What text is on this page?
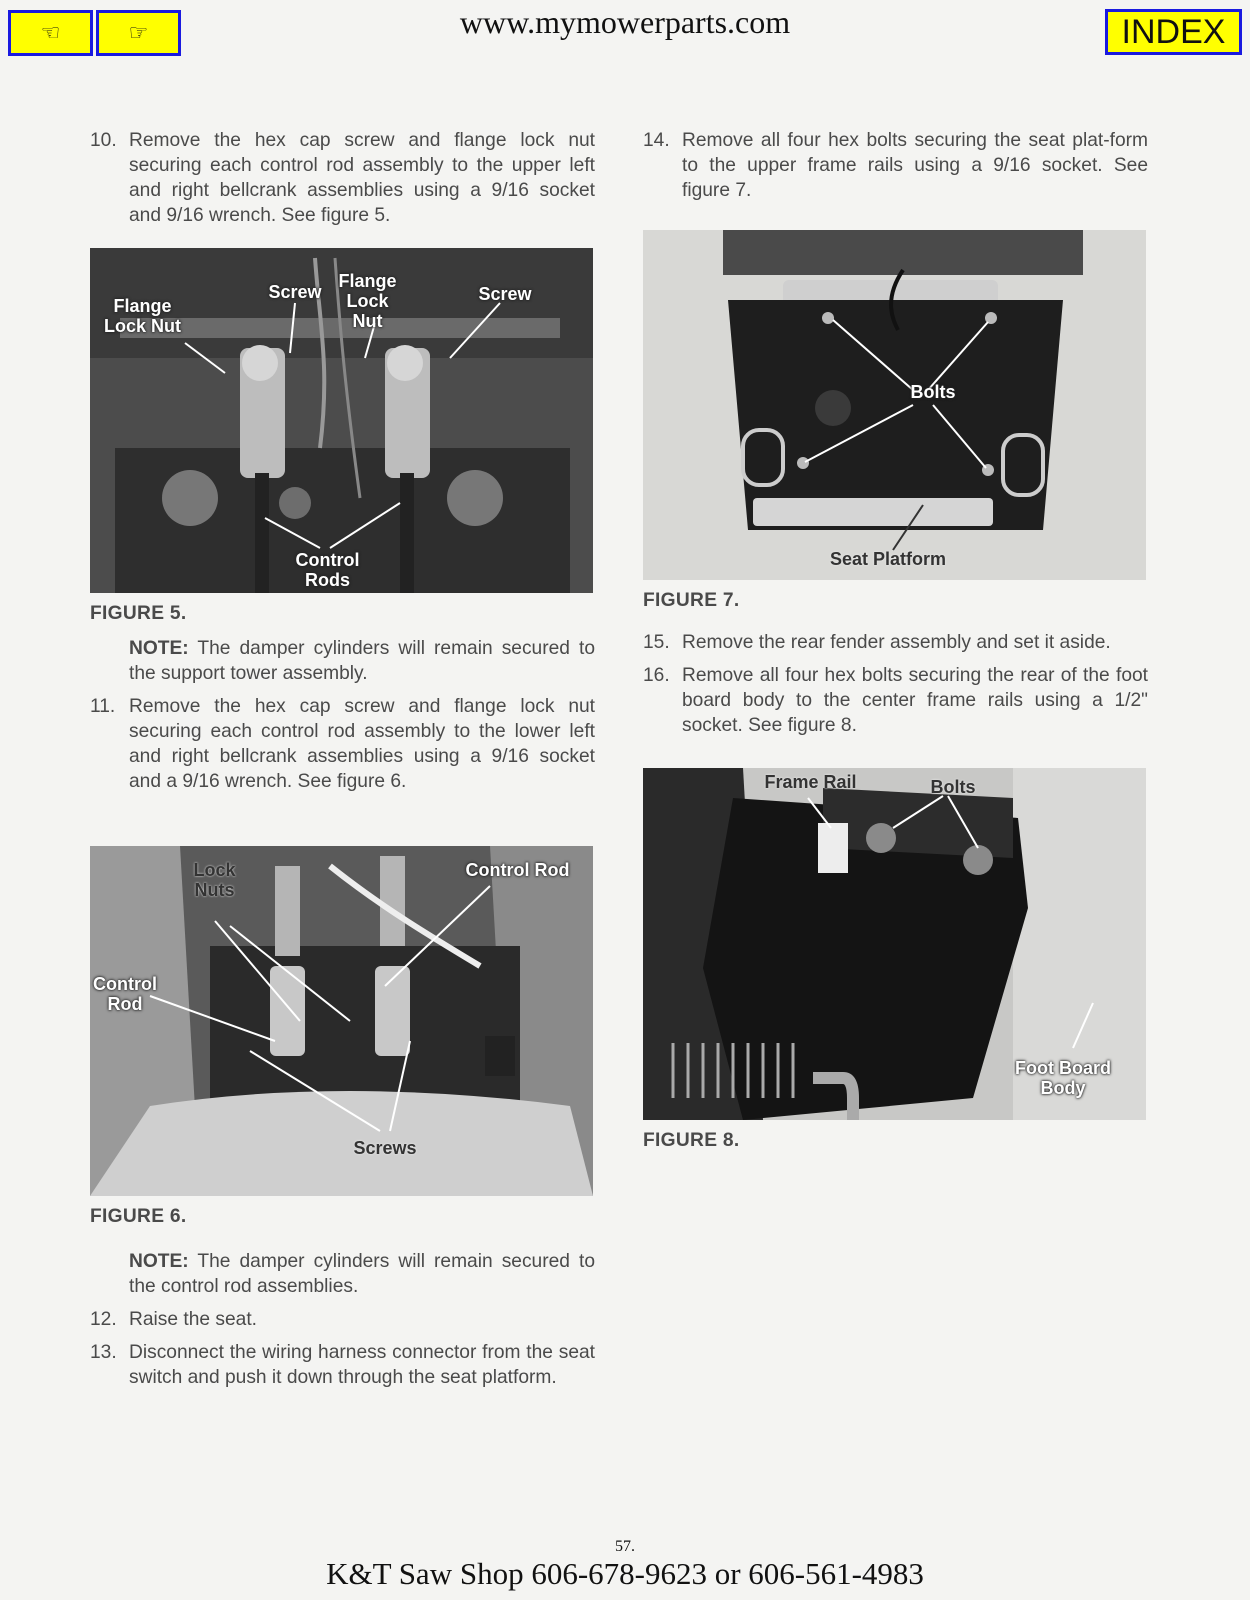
☜	☞	www.mymowerparts.com	INDEX
10. Remove the hex cap screw and flange lock nut securing each control rod assembly to the upper left and right bellcrank assemblies using a 9/16 socket and 9/16 wrench. See figure 5.
Flange Lock Nut
Screw
Flange Lock Nut
Screw
Control Rods
FIGURE 5.
NOTE: The damper cylinders will remain secured to the support tower assembly.
11. Remove the hex cap screw and flange lock nut securing each control rod assembly to the lower left and right bellcrank assemblies using a 9/16 socket and a 9/16 wrench. See figure 6.
Lock Nuts
Control Rod
Control Rod
Screws
FIGURE 6.
NOTE: The damper cylinders will remain secured to the control rod assemblies.
12. Raise the seat.
13. Disconnect the wiring harness connector from the seat switch and push it down through the seat platform.
14. Remove all four hex bolts securing the seat plat-form to the upper frame rails using a 9/16 socket. See figure 7.
Bolts
Seat Platform
FIGURE 7.
15. Remove the rear fender assembly and set it aside.
16. Remove all four hex bolts securing the rear of the foot board body to the center frame rails using a 1/2" socket. See figure 8.
Frame Rail	Bolts
Foot Board Body
FIGURE 8.
57.
K&T Saw Shop 606-678-9623 or 606-561-4983
